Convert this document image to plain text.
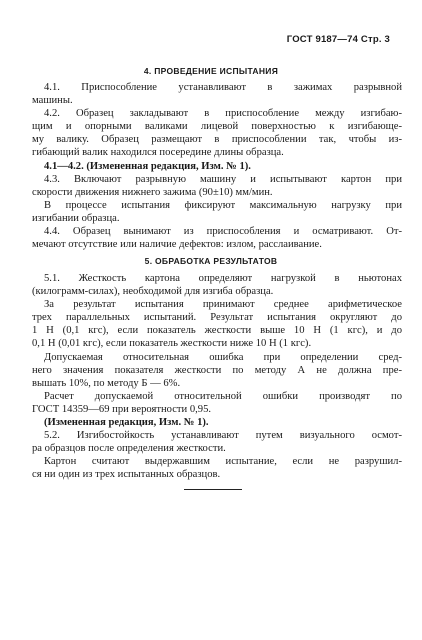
ГОСТ 9187—74 Стр. 3
4. ПРОВЕДЕНИЕ ИСПЫТАНИЯ
4.1. Приспособление устанавливают в зажимах разрывной
машины.
4.2. Образец закладывают в приспособление между изгибаю-
щим и опорными валиками лицевой поверхностью к изгибающе-
му валику. Образец размещают в приспособлении так, чтобы из-
гибающий валик находился посередине длины образца.
4.1—4.2. (Измененная редакция, Изм. № 1).
4.3. Включают разрывную машину и испытывают картон при
скорости движения нижнего зажима (90±10) мм/мин.
В процессе испытания фиксируют максимальную нагрузку при
изгибании образца.
4.4. Образец вынимают из приспособления и осматривают. От-
мечают отсутствие или наличие дефектов: излом, расслаивание.
5. ОБРАБОТКА РЕЗУЛЬТАТОВ
5.1. Жесткость картона определяют нагрузкой в ньютонах
(килограмм-силах), необходимой для изгиба образца.
За результат испытания принимают среднее арифметическое
трех параллельных испытаний. Результат испытания округляют до
1 Н (0,1 кгс), если показатель жесткости выше 10 Н (1 кгс), и до
0,1 Н (0,01 кгс), если показатель жесткости ниже 10 Н (1 кгс).
Допускаемая относительная ошибка при определении сред-
него значения показателя жесткости по методу А не должна пре-
вышать 10%, по методу Б — 6%.
Расчет допускаемой относительной ошибки производят по
ГОСТ 14359—69 при вероятности 0,95.
(Измененная редакция, Изм. № 1).
5.2. Изгибостойкость устанавливают путем визуального осмот-
ра образцов после определения жесткости.
Картон считают выдержавшим испытание, если не разрушил-
ся ни один из трех испытанных образцов.
